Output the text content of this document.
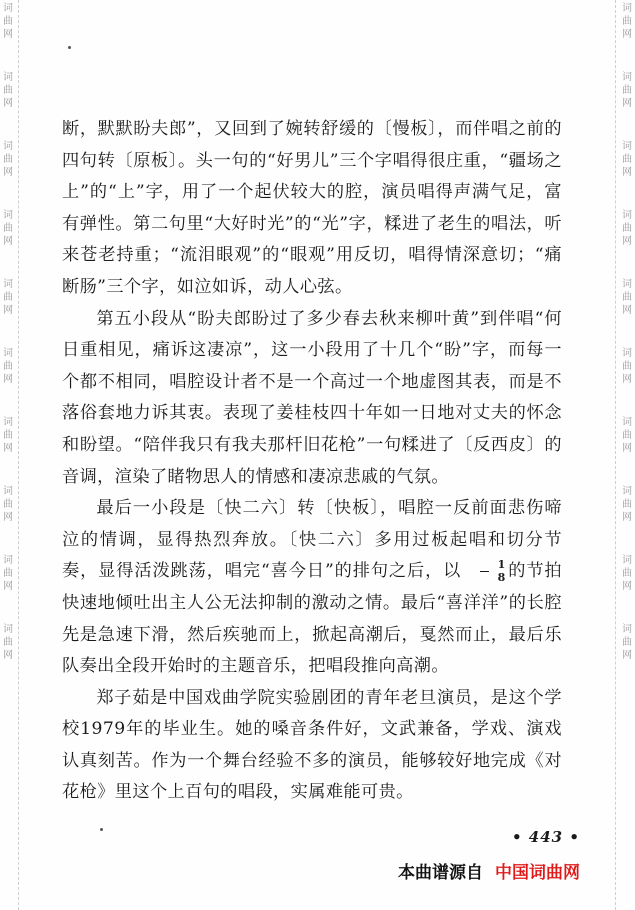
词
曲
网
词
曲
网
词
曲
网
词
曲
网
词
曲
网
词
曲
网
词
曲
网
词
曲
网
词
曲
网
词
曲
网
词
曲
网
词
曲
网
词
曲
网
词
曲
网
词
曲
网
词
曲
网
词
曲
网
词
曲
网
词
曲
网
词
曲
网

断，默默盼夫郎”，又回到了婉转舒缓的〔慢板〕，而伴唱之前的四句转〔原板〕。头一句的“好男儿”三个字唱得很庄重，“疆场之上”的“上”字，用了一个起伏较大的腔，演员唱得声满气足，富有弹性。第二句里“大好时光”的“光”字，糅进了老生的唱法，听来苍老持重；“流泪眼观”的“眼观”用反切，唱得情深意切；“痛断肠”三个字，如泣如诉，动人心弦。

第五小段从“盼夫郎盼过了多少春去秋来柳叶黄”到伴唱“何日重相见，痛诉这凄凉”，这一小段用了十几个“盼”字，而每一个都不相同，唱腔设计者不是一个高过一个地虚图其表，而是不落俗套地力诉其衷。表现了姜桂枝四十年如一日地对丈夫的怀念和盼望。“陪伴我只有我夫那杆旧花枪”一句糅进了〔反西皮〕的音调，渲染了睹物思人的情感和凄凉悲戚的气氛。

最后一小段是〔快二六〕转〔快板〕，唱腔一反前面悲伤啼泣的情调，显得热烈奔放。〔快二六〕多用过板起唱和切分节奏，显得活泼跳荡，唱完“喜今日”的排句之后，以 $\frac{1}{8}$ 的节拍快速地倾吐出主人公无法抑制的激动之情。最后“喜洋洋”的长腔先是急速下滑，然后疾驰而上，掀起高潮后，戛然而止，最后乐队奏出全段开始时的主题音乐，把唱段推向高潮。

郑子茹是中国戏曲学院实验剧团的青年老旦演员，是这个学校1979年的毕业生。她的嗓音条件好，文武兼备，学戏、演戏认真刻苦。作为一个舞台经验不多的演员，能够较好地完成《对花枪》里这个上百句的唱段，实属难能可贵。

• 443 •
本曲谱源自 中国词曲网
